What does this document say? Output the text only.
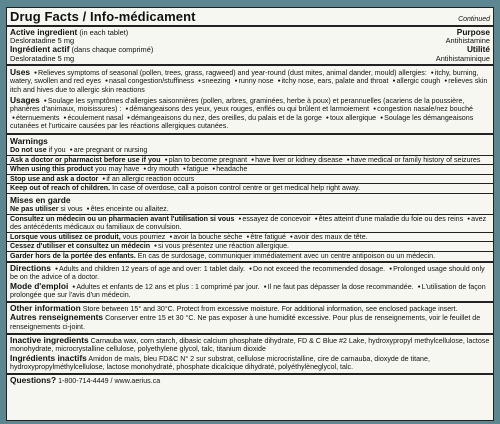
Drug Facts / Info-médicament	Continued
Active ingredient (in each tablet)	Purpose
Desloratadine 5 mg	Antihistamine
Ingrédient actif (dans chaque comprimé)	Utilité
Desloratadine 5 mg	Antihistaminique

Uses ● Relieves symptoms of seasonal (pollen, trees, grass, ragweed) and year-round (dust mites, animal dander, mould) allergies: ● itchy, burning, watery, swollen and red eyes ● nasal congestion/stuffiness ● sneezing ● runny nose ● itchy nose, ears, palate and throat ● allergic cough ● relieves skin itch and hives due to allergic skin reactions

Usages ● Soulage les symptômes d'allergies saisonnières (pollen, arbres, graminées, herbe à poux) et perannuelles (acariens de la poussière, phanères d'animaux, moisissures) : ● démangeaisons des yeux, yeux rouges, enflés ou qui brûlent et larmoiement ● congestion nasale/nez bouché ● éternuements ● écoulement nasal ● démangeaisons du nez, des oreilles, du palais et de la gorge ● toux allergique ● Soulage les démangeaisons cutanées et l'urticaire causées par les réactions allergiques cutanées.

Warnings

Do not use if you ● are pregnant or nursing

Ask a doctor or pharmacist before use if you ● plan to become pregnant ● have liver or kidney disease ● have medical or family history of seizures

When using this product you may have ● dry mouth ● fatigue ● headache

Stop use and ask a doctor ● if an allergic reaction occurs

Keep out of reach of children. In case of overdose, call a poison control centre or get medical help right away.

Mises en garde

Ne pas utiliser si vous ● êtes enceinte ou allaitez.

Consultez un médecin ou un pharmacien avant l'utilisation si vous ● essayez de concevoir ● êtes atteint d'une maladie du foie ou des reins ● avez des antécédents médicaux ou familiaux de convulsion.

Lorsque vous utilisez ce produit, vous pourriez ● avoir la bouche sèche ● être fatigué ● avoir des maux de tête.

Cessez d'utiliser et consultez un médecin ● si vous présentez une réaction allergique.

Garder hors de la portée des enfants. En cas de surdosage, communiquer immédiatement avec un centre antipoison ou un médecin.

Directions ● Adults and children 12 years of age and over: 1 tablet daily. ● Do not exceed the recommended dosage. ● Prolonged usage should only be on the advice of a doctor.

Mode d'emploi ● Adultes et enfants de 12 ans et plus : 1 comprimé par jour. ● Il ne faut pas dépasser la dose recommandée. ● L'utilisation de façon prolongée que sur l'avis d'un médecin.

Other information Store between 15° and 30°C. Protect from excessive moisture. For additional information, see enclosed package insert.

Autres renseignements Conserver entre 15 et 30 °C. Ne pas exposer à une humidité excessive. Pour plus de renseignements, voir le feuillet de renseignements ci-joint.

Inactive ingredients Carnauba wax, corn starch, dibasic calcium phosphate dihydrate, FD & C Blue #2 Lake, hydroxypropyl methylcellulose, lactose monohydrate, microcrystalline cellulose, polyethylene glycol, talc, titanium dioxide

Ingrédients inactifs Amidon de maïs, bleu FD&C N° 2 sur substrat, cellulose microcristalline, cire de carnauba, dioxyde de titane, hydroxypropylméthylcellulose, lactose monohydraté, phosphate dicalcique dihydraté, polyéthylèneglycol, talc.

Questions? 1-800-714-4449 / www.aerius.ca
